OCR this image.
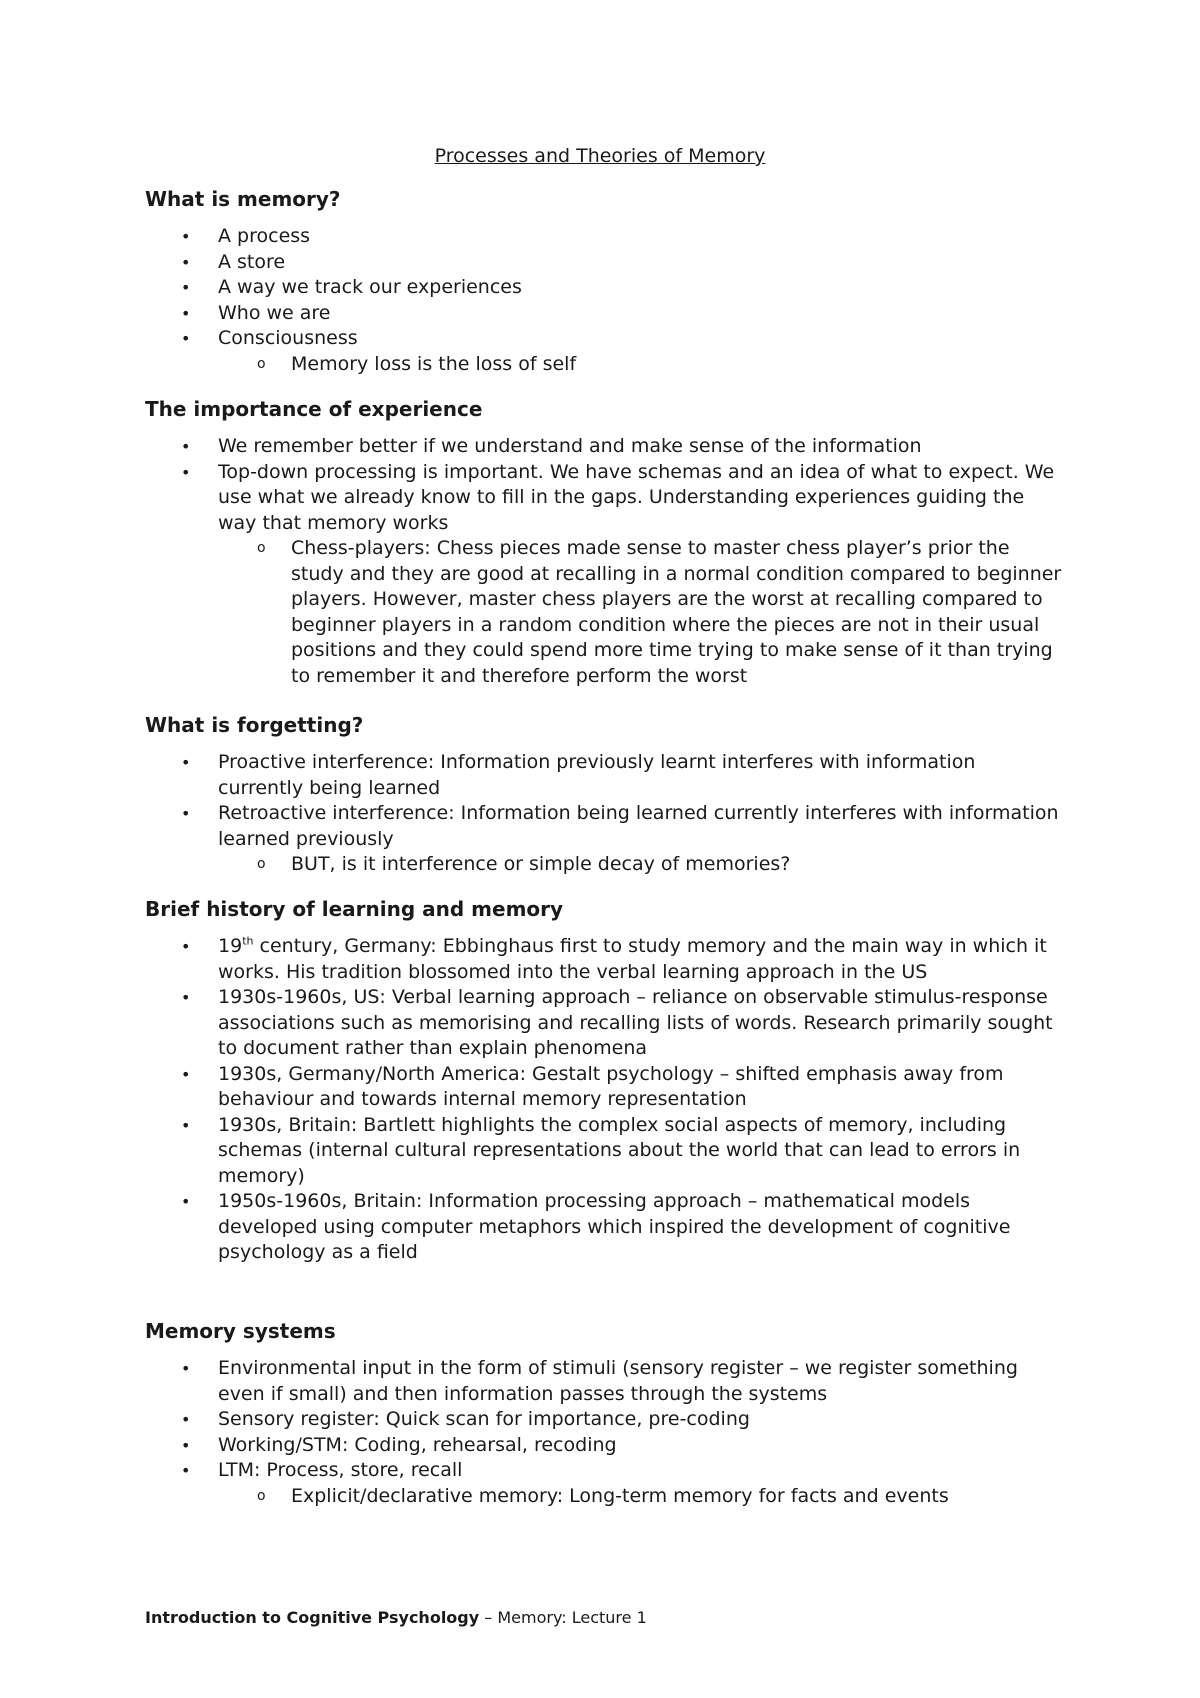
Processes and Theories of Memory
What is memory?
• A process
• A store
• A way we track our experiences
• Who we are
• Consciousness
o Memory loss is the loss of self
The importance of experience
• We remember better if we understand and make sense of the information
• Top-down processing is important. We have schemas and an idea of what to expect. We use what we already know to fill in the gaps. Understanding experiences guiding the way that memory works
o Chess-players: Chess pieces made sense to master chess player’s prior the study and they are good at recalling in a normal condition compared to beginner players. However, master chess players are the worst at recalling compared to beginner players in a random condition where the pieces are not in their usual positions and they could spend more time trying to make sense of it than trying to remember it and therefore perform the worst
What is forgetting?
• Proactive interference: Information previously learnt interferes with information currently being learned
• Retroactive interference: Information being learned currently interferes with information learned previously
o BUT, is it interference or simple decay of memories?
Brief history of learning and memory
• 19th century, Germany: Ebbinghaus first to study memory and the main way in which it works. His tradition blossomed into the verbal learning approach in the US
• 1930s-1960s, US: Verbal learning approach – reliance on observable stimulus-response associations such as memorising and recalling lists of words. Research primarily sought to document rather than explain phenomena
• 1930s, Germany/North America: Gestalt psychology – shifted emphasis away from behaviour and towards internal memory representation
• 1930s, Britain: Bartlett highlights the complex social aspects of memory, including schemas (internal cultural representations about the world that can lead to errors in memory)
• 1950s-1960s, Britain: Information processing approach – mathematical models developed using computer metaphors which inspired the development of cognitive psychology as a field
Memory systems
• Environmental input in the form of stimuli (sensory register – we register something even if small) and then information passes through the systems
• Sensory register: Quick scan for importance, pre-coding
• Working/STM: Coding, rehearsal, recoding
• LTM: Process, store, recall
o Explicit/declarative memory: Long-term memory for facts and events
Introduction to Cognitive Psychology – Memory: Lecture 1
